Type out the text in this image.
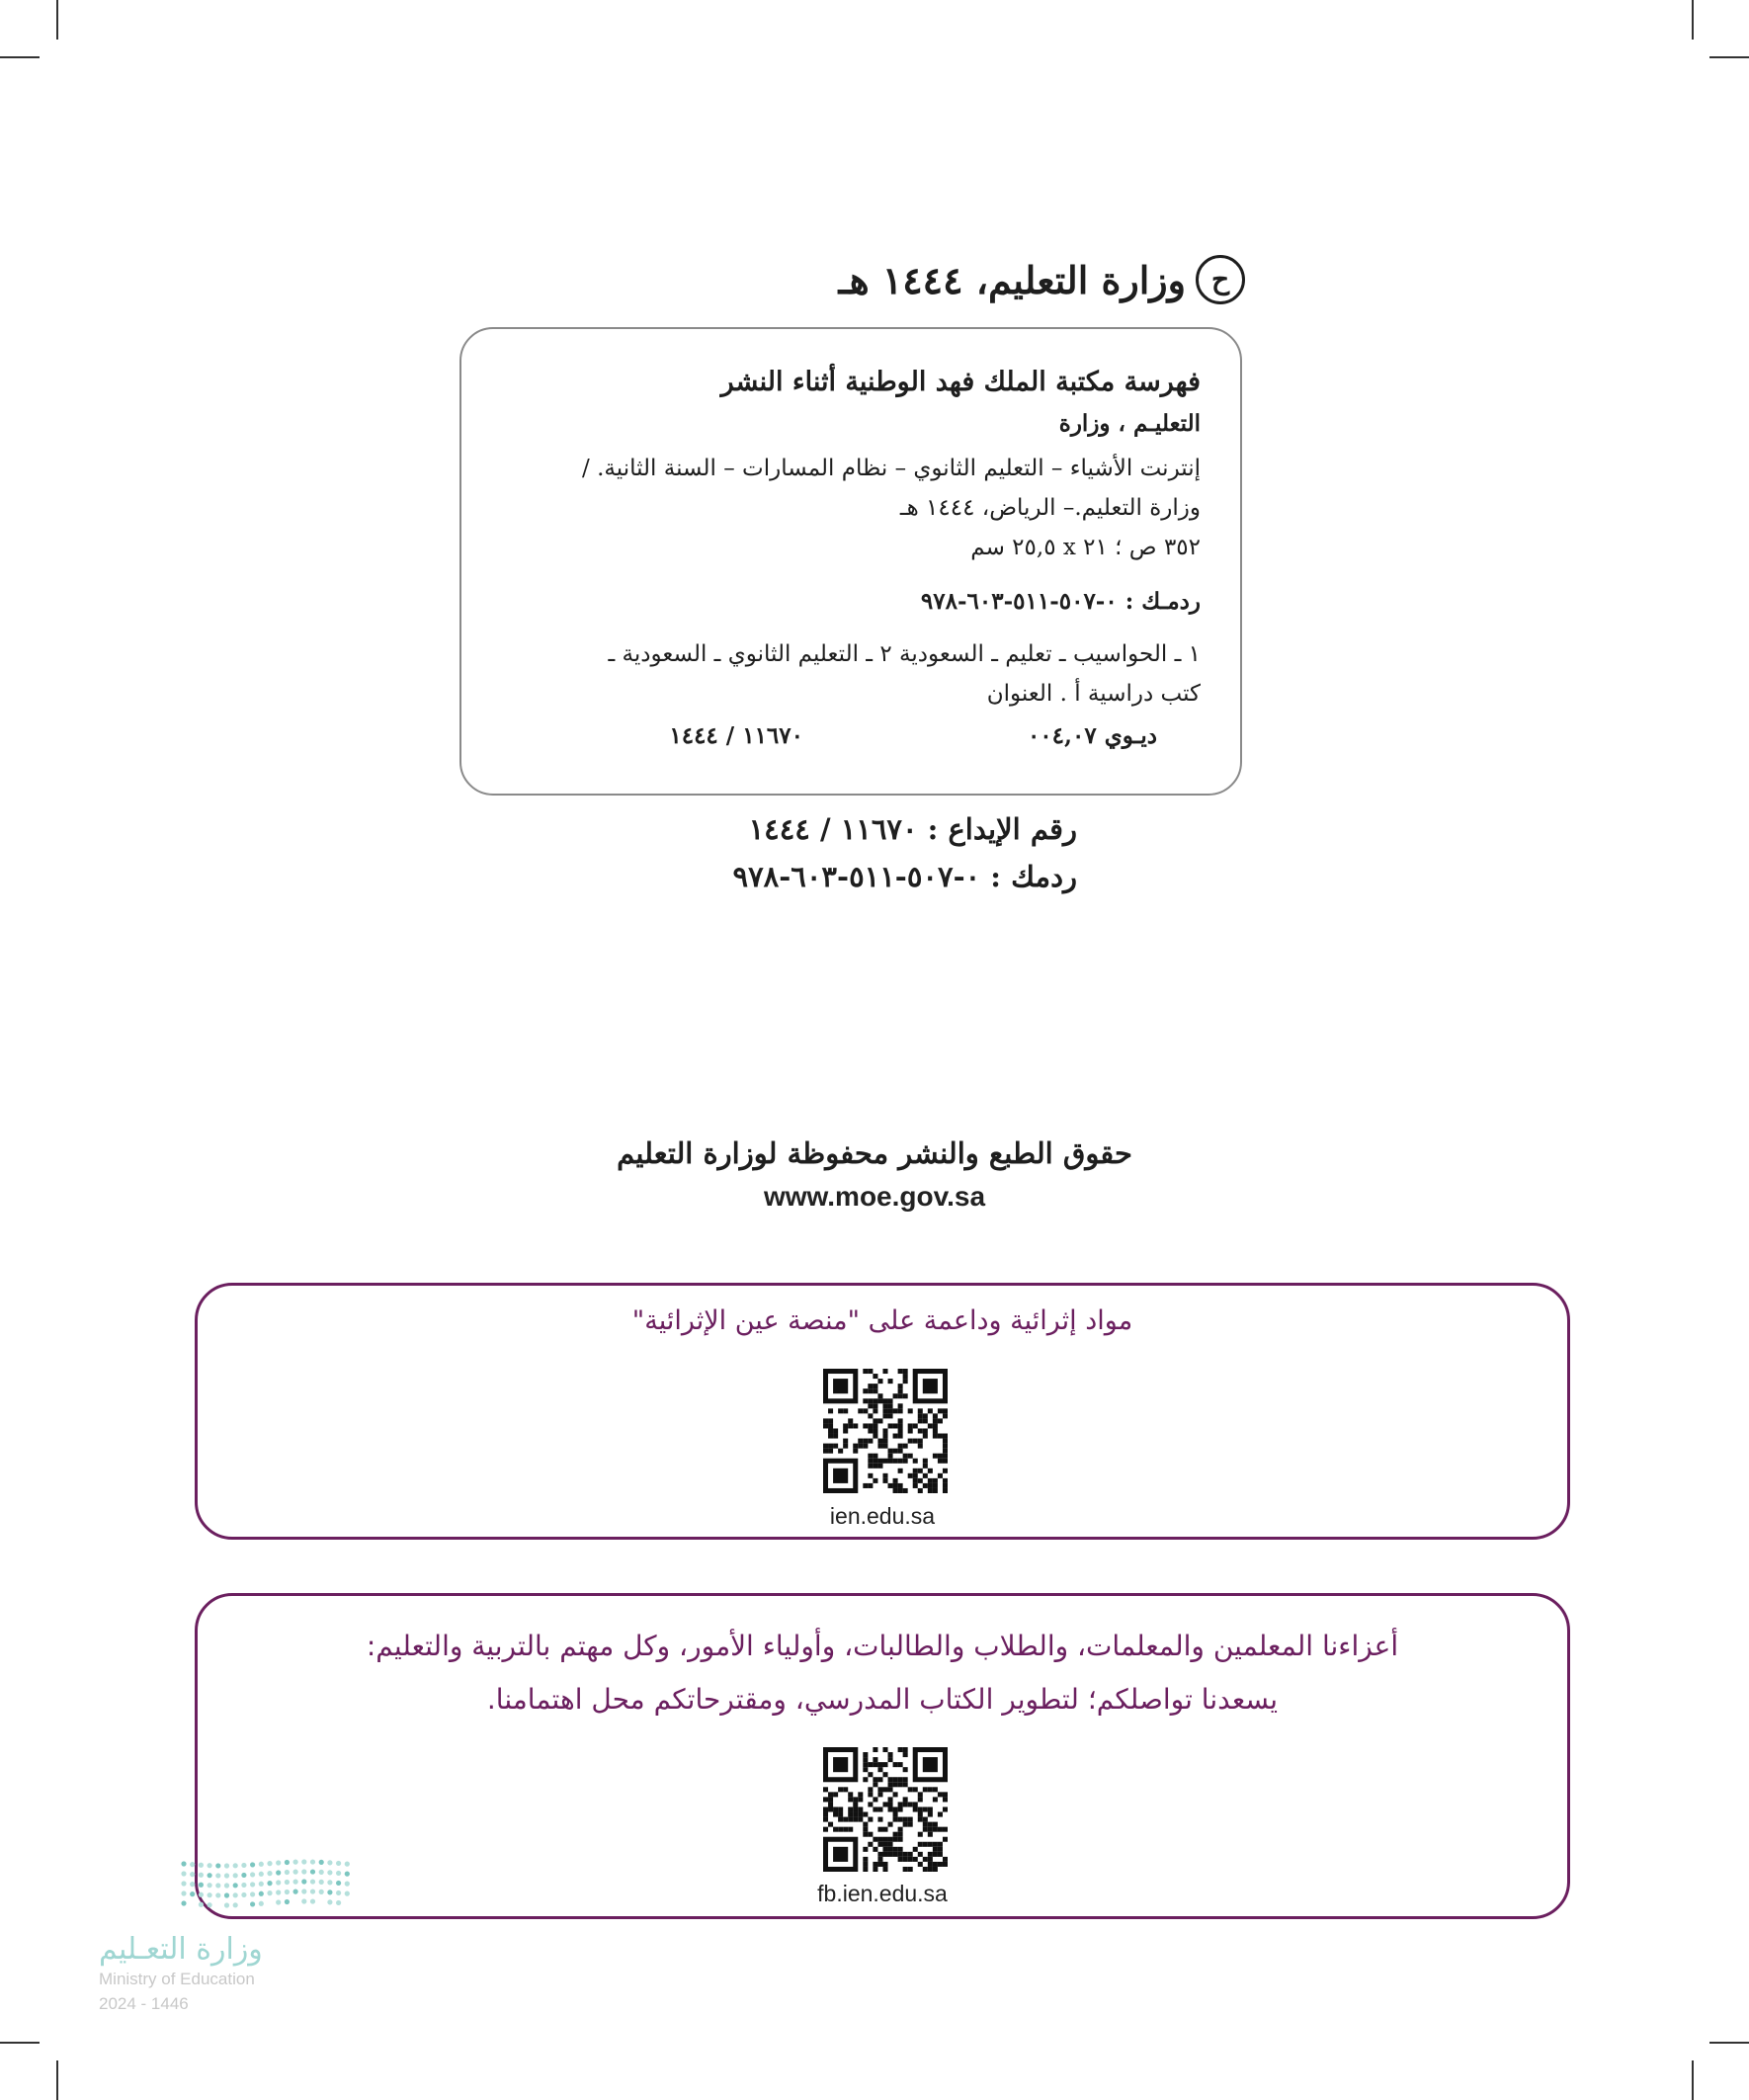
ح
وزارة التعليم، ١٤٤٤ هـ
فهرسة مكتبة الملك فهد الوطنية أثناء النشر
التعليـم ، وزارة
إنترنت الأشياء – التعليم الثانوي – نظام المسارات – السنة الثانية. /
وزارة التعليم.– الرياض، ١٤٤٤ هـ
٣٥٢ ص ؛ ٢١ x ٢٥,٥ سم
ردمـك : ٠-٥٠٧-٥١١-٦٠٣-٩٧٨
١ ـ الحواسيب ـ تعليم ـ السعودية ٢ ـ التعليم الثانوي ـ السعودية ـ
كتب دراسية أ . العنوان
ديـوي ٠٠٤,٠٧
١١٦٧٠ / ١٤٤٤
رقم الإيداع : ١١٦٧٠ / ١٤٤٤
ردمك : ٠-٥٠٧-٥١١-٦٠٣-٩٧٨
حقوق الطبع والنشر محفوظة لوزارة التعليم
www.moe.gov.sa
مواد إثرائية وداعمة على "منصة عين الإثرائية"
ien.edu.sa
أعزاءنا المعلمين والمعلمات، والطلاب والطالبات، وأولياء الأمور، وكل مهتم بالتربية والتعليم:
يسعدنا تواصلكم؛ لتطوير الكتاب المدرسي، ومقترحاتكم محل اهتمامنا.
fb.ien.edu.sa
وزارة التعـليم
Ministry of Education
2024 - 1446
